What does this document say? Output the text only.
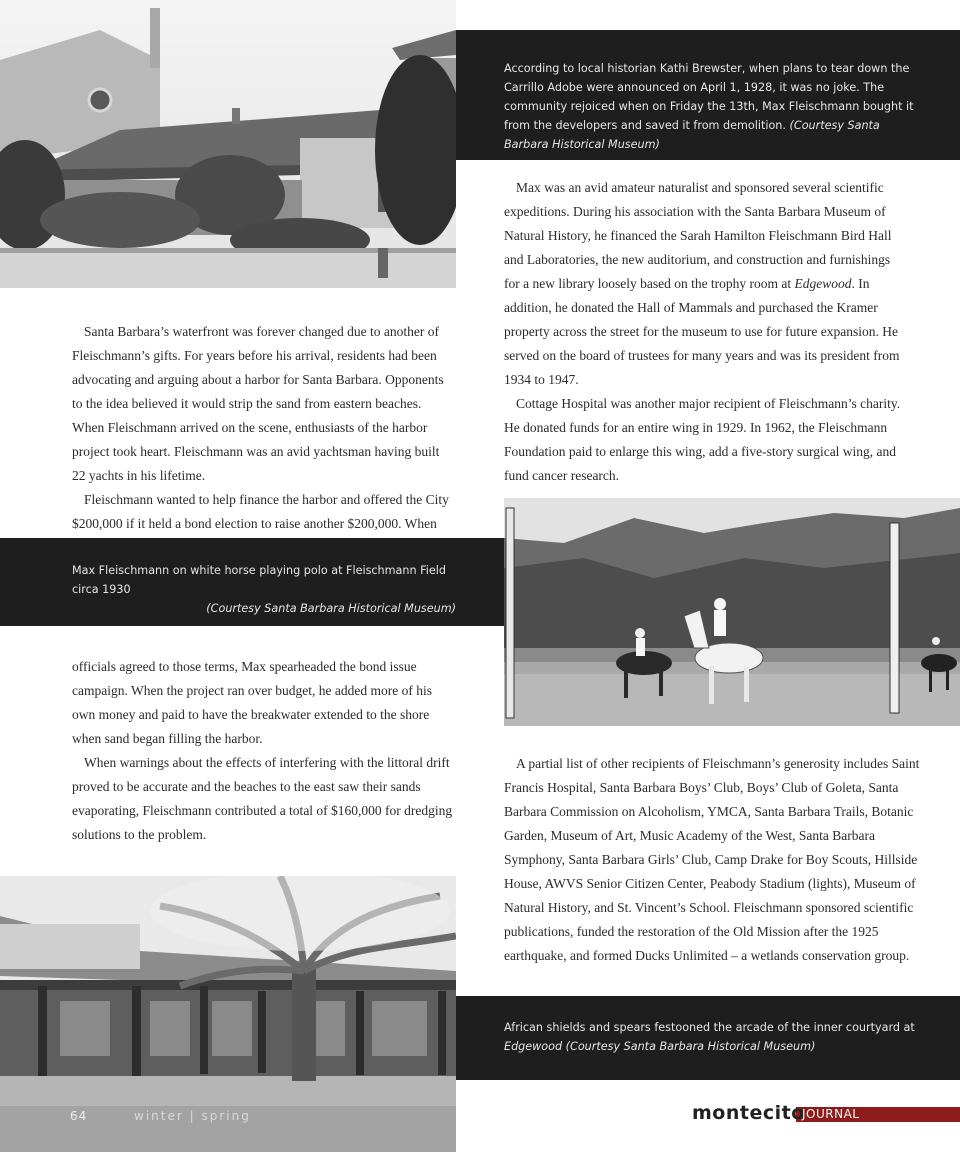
According to local historian Kathi Brewster, when plans to tear down the Carrillo Adobe were announced on April 1, 1928, it was no joke. The community rejoiced when on Friday the 13th, Max Fleischmann bought it from the developers and saved it from demolition. (Courtesy Santa Barbara Historical Museum)

Max was an avid amateur naturalist and sponsored several scientific expeditions. During his association with the Santa Barbara Museum of Natural History, he financed the Sarah Hamilton Fleischmann Bird Hall and Laboratories, the new auditorium, and construction and furnishings for a new library loosely based on the trophy room at Edgewood. In addition, he donated the Hall of Mammals and purchased the Kramer property across the street for the museum to use for future expansion. He served on the board of trustees for many years and was its president from 1934 to 1947.

Cottage Hospital was another major recipient of Fleischmann’s charity. He donated funds for an entire wing in 1929. In 1962, the Fleischmann Foundation paid to enlarge this wing, add a five-story surgical wing, and fund cancer research.

Santa Barbara’s waterfront was forever changed due to another of Fleischmann’s gifts. For years before his arrival, residents had been advocating and arguing about a harbor for Santa Barbara. Opponents to the idea believed it would strip the sand from eastern beaches. When Fleischmann arrived on the scene, enthusiasts of the harbor project took heart. Fleischmann was an avid yachtsman having built 22 yachts in his lifetime.

Fleischmann wanted to help finance the harbor and offered the City $200,000 if it held a bond election to raise another $200,000. When

Max Fleischmann on white horse playing polo at Fleischmann Field circa 1930
(Courtesy Santa Barbara Historical Museum)

officials agreed to those terms, Max spearheaded the bond issue campaign. When the project ran over budget, he added more of his own money and paid to have the breakwater extended to the shore when sand began filling the harbor.

When warnings about the effects of interfering with the littoral drift proved to be accurate and the beaches to the east saw their sands evaporating, Fleischmann contributed a total of $160,000 for dredging solutions to the problem.

A partial list of other recipients of Fleischmann’s generosity includes Saint Francis Hospital, Santa Barbara Boys’ Club, Boys’ Club of Goleta, Santa Barbara Commission on Alcoholism, YMCA, Santa Barbara Trails, Botanic Garden, Museum of Art, Music Academy of the West, Santa Barbara Symphony, Santa Barbara Girls’ Club, Camp Drake for Boy Scouts, Hillside House, AWVS Senior Citizen Center, Peabody Stadium (lights), Museum of Natural History, and St. Vincent’s School. Fleischmann sponsored scientific publications, funded the restoration of the Old Mission after the 1925 earthquake, and formed Ducks Unlimited – a wetlands conservation group.

African shields and spears festooned the arcade of the inner courtyard at
Edgewood (Courtesy Santa Barbara Historical Museum)
64	winter | spring	montecito
JOURNAL
